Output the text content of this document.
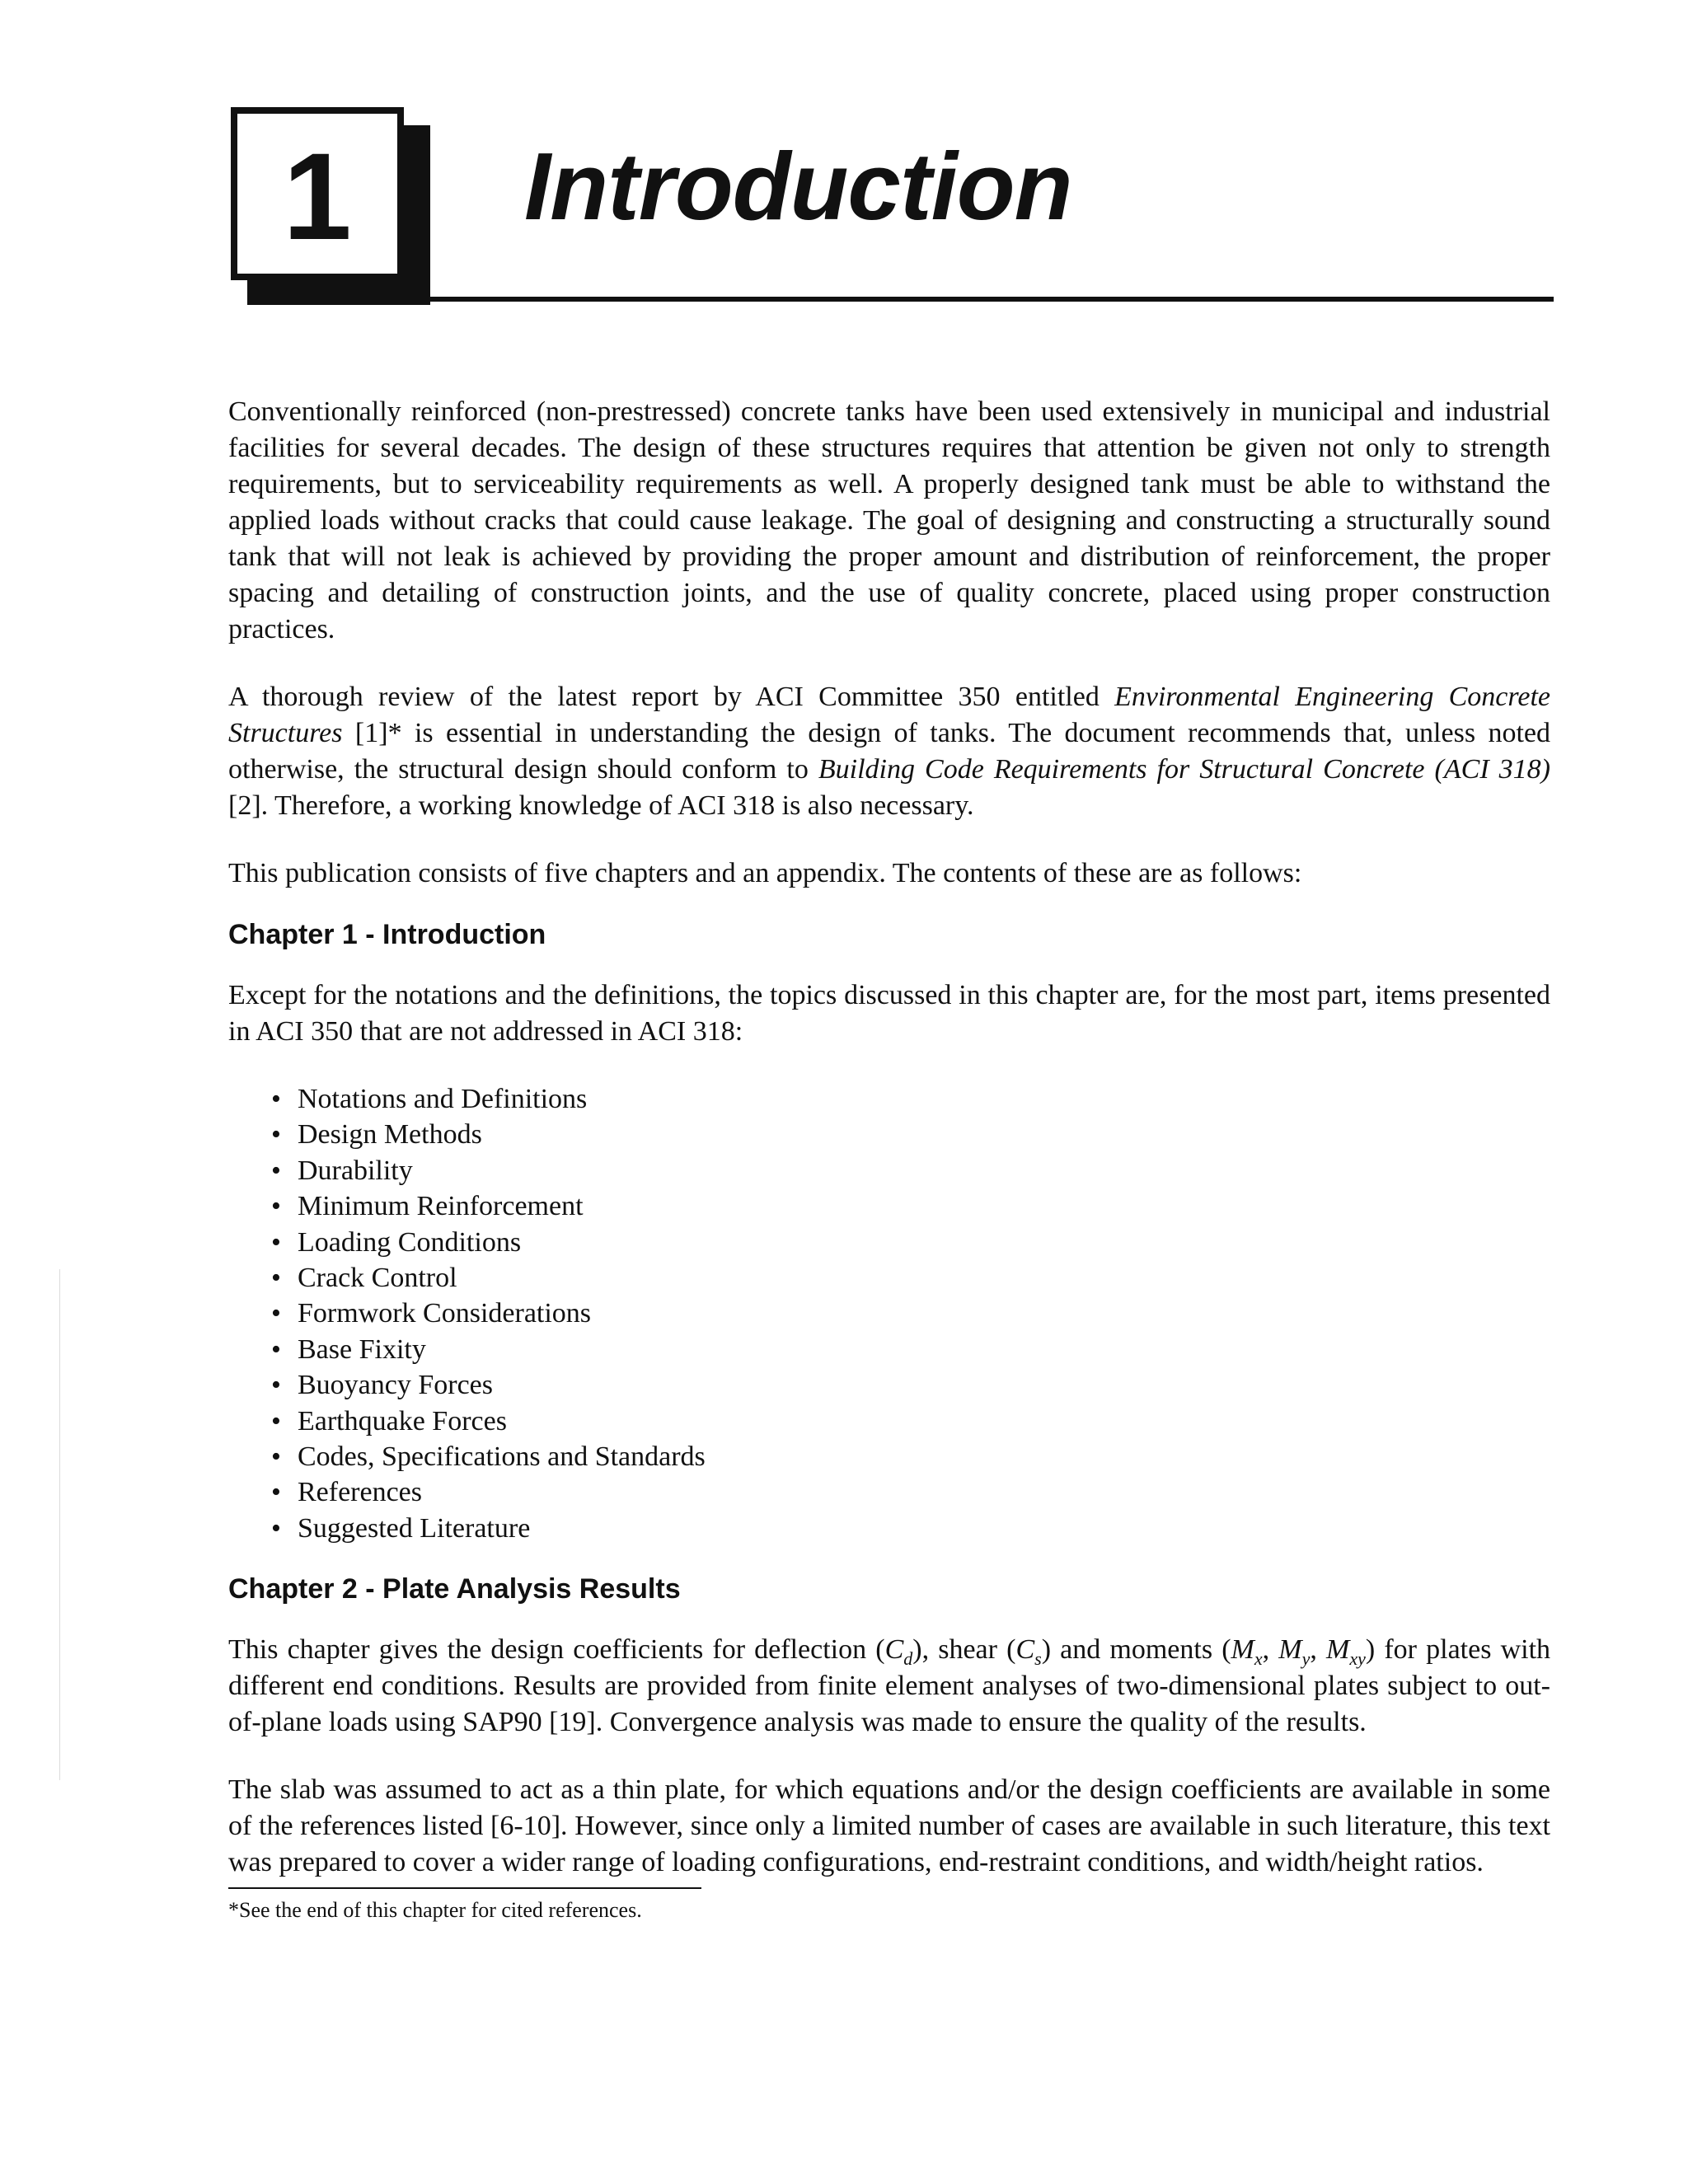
1 Introduction

Conventionally reinforced (non-prestressed) concrete tanks have been used extensively in municipal and industrial facilities for several decades. The design of these structures requires that attention be given not only to strength requirements, but to serviceability requirements as well. A properly designed tank must be able to withstand the applied loads without cracks that could cause leakage. The goal of designing and constructing a structurally sound tank that will not leak is achieved by providing the proper amount and distribution of reinforcement, the proper spacing and detailing of construction joints, and the use of quality concrete, placed using proper construction practices.

A thorough review of the latest report by ACI Committee 350 entitled Environmental Engineering Concrete Structures [1]* is essential in understanding the design of tanks. The document recommends that, unless noted otherwise, the structural design should conform to Building Code Requirements for Structural Concrete (ACI 318) [2]. Therefore, a working knowledge of ACI 318 is also necessary.

This publication consists of five chapters and an appendix. The contents of these are as follows:

Chapter 1 - Introduction

Except for the notations and the definitions, the topics discussed in this chapter are, for the most part, items presented in ACI 350 that are not addressed in ACI 318:

• Notations and Definitions
• Design Methods
• Durability
• Minimum Reinforcement
• Loading Conditions
• Crack Control
• Formwork Considerations
• Base Fixity
• Buoyancy Forces
• Earthquake Forces
• Codes, Specifications and Standards
• References
• Suggested Literature
Chapter 2 - Plate Analysis Results

This chapter gives the design coefficients for deflection $(C_d)$, shear $(C_s)$ and moments ($M_x$, $M_y$, $M_{xy}$) for plates with different end conditions. Results are provided from finite element analyses of two-dimensional plates subject to out-of-plane loads using SAP90 [19]. Convergence analysis was made to ensure the quality of the results.

The slab was assumed to act as a thin plate, for which equations and/or the design coefficients are available in some of the references listed [6-10]. However, since only a limited number of cases are available in such literature, this text was prepared to cover a wider range of loading configurations, end-restraint conditions, and width/height ratios.

*See the end of this chapter for cited references.
